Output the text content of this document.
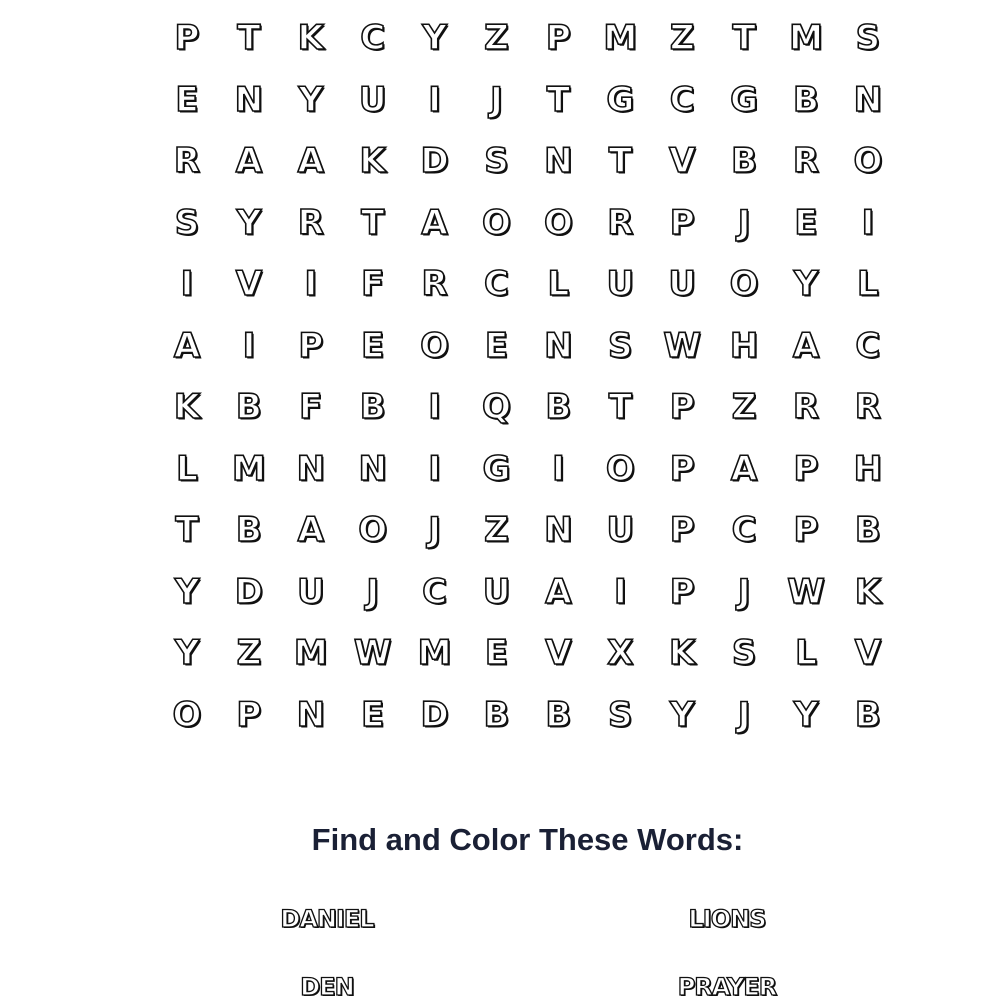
P	T	K	C	Y	Z	P M Z	T M S
E	N	Y	U	I	J	T	G	C	G	B	N
R	A	A	K	D	S	N	T	V	B	R	O
S	Y	R	T	A	O O	R	P	J	E	I
I	V	I	F	R	C	L	U	U O	Y	L
A	I	P	E	O	E	N	S W H	A	C
K	B	F	B	I	Q	B	T	P	Z	R	R
L	M N N	I	G	I	O	P	A	P	H
T	B	A	O	J	Z	N U	P	C	P	B
Y	D U	J	C	U	A	I	P	J	W K
Y	Z M W M E	V	X	K	S	L	V
O	P	N	E	D	B	B	S	Y	J	Y	B
Find and Color These Words:
DANIEL	LIONS
DEN	PRAYER
